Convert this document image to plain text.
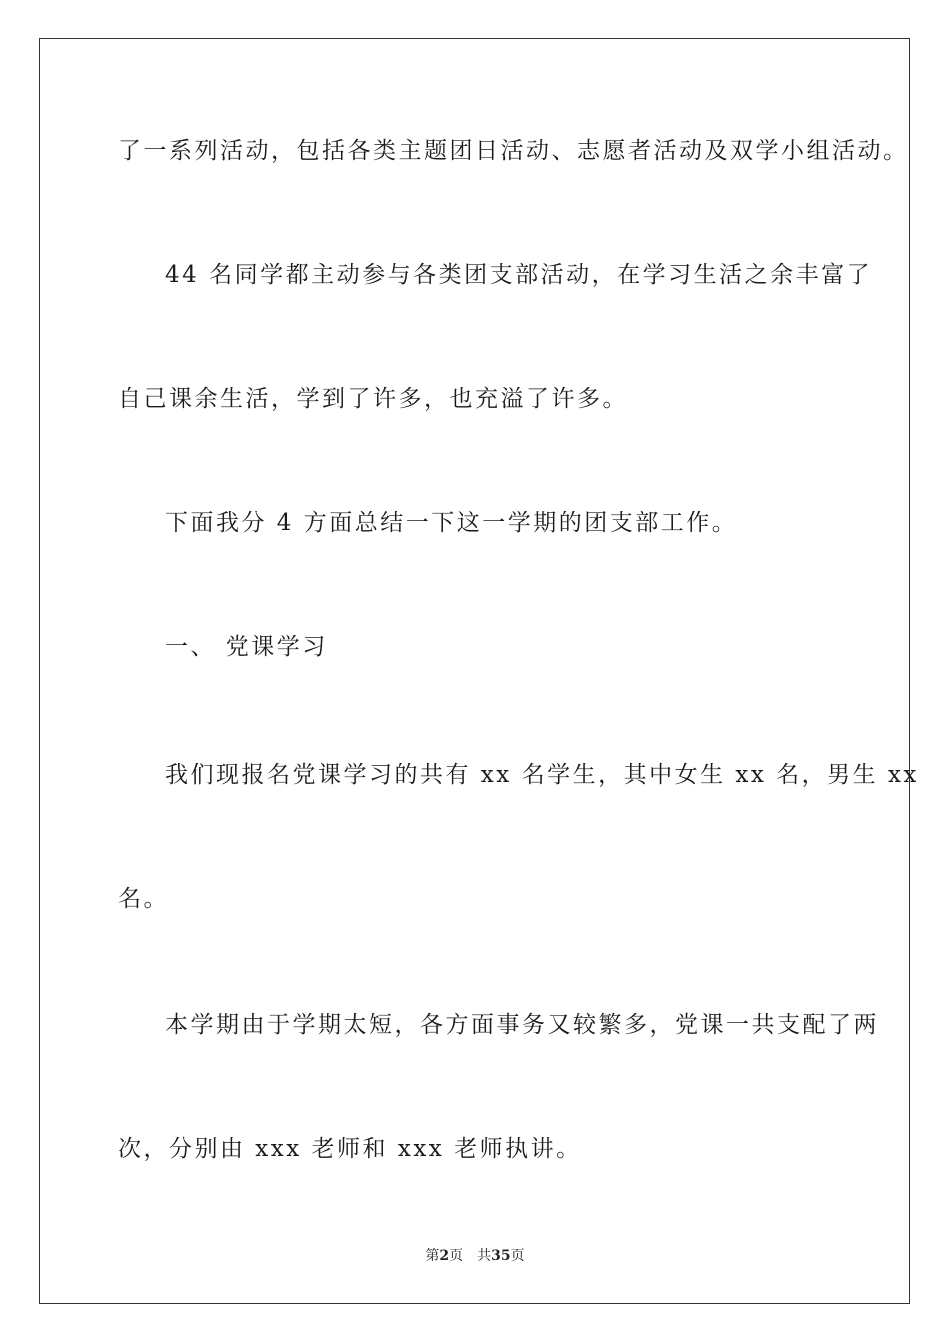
了一系列活动，包括各类主题团日活动、志愿者活动及双学小组活动。
44 名同学都主动参与各类团支部活动，在学习生活之余丰富了
自己课余生活，学到了许多，也充溢了许多。
下面我分 4 方面总结一下这一学期的团支部工作。
一、 党课学习
我们现报名党课学习的共有 xx 名学生，其中女生 xx 名，男生 xx
名。
本学期由于学期太短，各方面事务又较繁多，党课一共支配了两
次，分别由 xxx 老师和 xxx 老师执讲。
第2页 共35页
